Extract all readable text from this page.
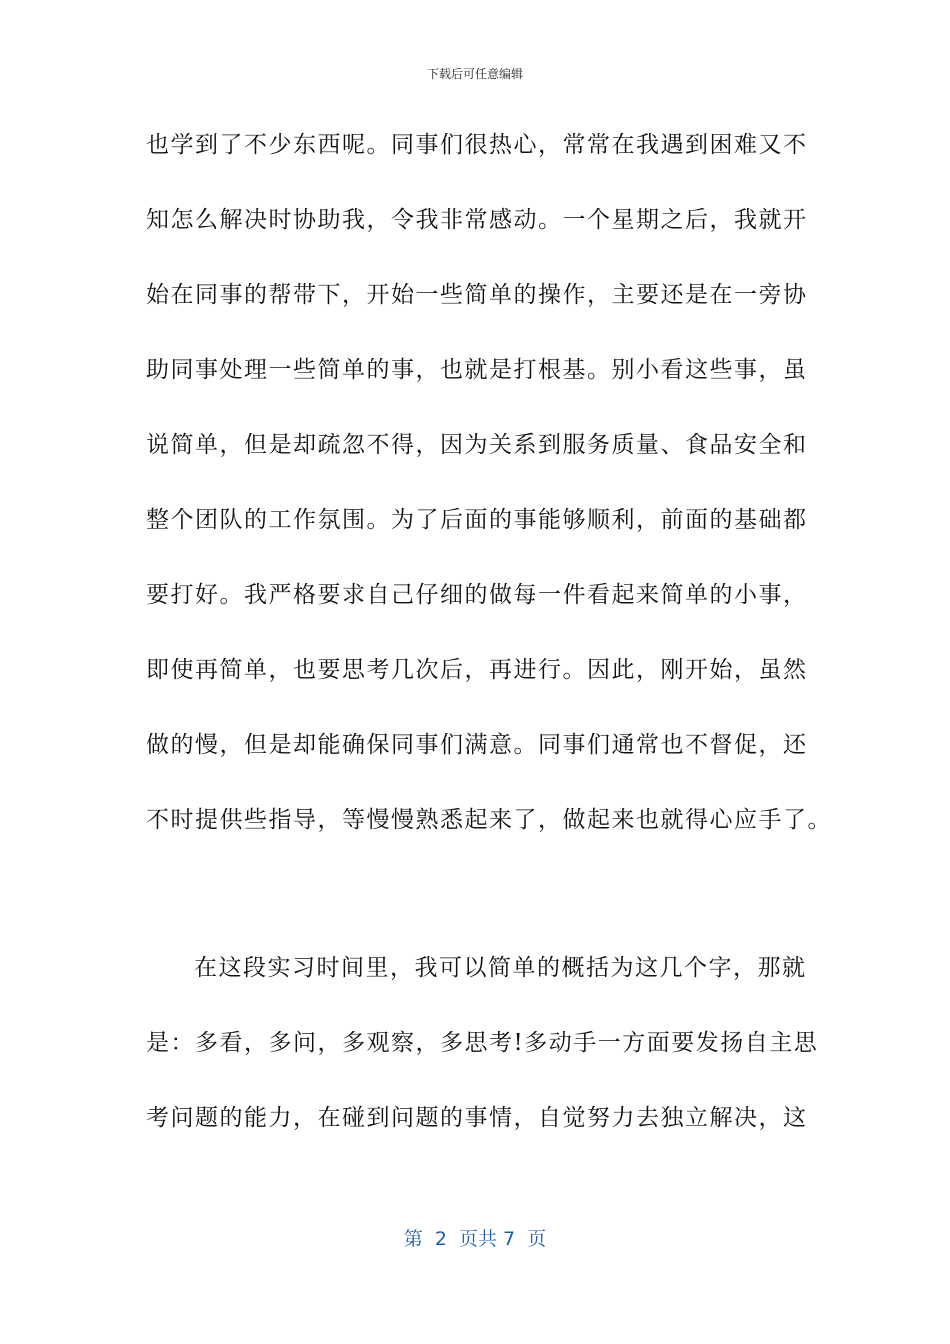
下载后可任意编辑
也学到了不少东西呢。同事们很热心，常常在我遇到困难又不
知怎么解决时协助我，令我非常感动。一个星期之后，我就开
始在同事的帮带下，开始一些简单的操作，主要还是在一旁协
助同事处理一些简单的事，也就是打根基。别小看这些事，虽
说简单，但是却疏忽不得，因为关系到服务质量、食品安全和
整个团队的工作氛围。为了后面的事能够顺利，前面的基础都
要打好。我严格要求自己仔细的做每一件看起来简单的小事，
即使再简单，也要思考几次后，再进行。因此，刚开始，虽然
做的慢，但是却能确保同事们满意。同事们通常也不督促，还
不时提供些指导，等慢慢熟悉起来了，做起来也就得心应手了。
在这段实习时间里，我可以简单的概括为这几个字，那就
是：多看，多问，多观察，多思考!多动手一方面要发扬自主思
考问题的能力，在碰到问题的事情，自觉努力去独立解决，这
第  2  页共 7  页
